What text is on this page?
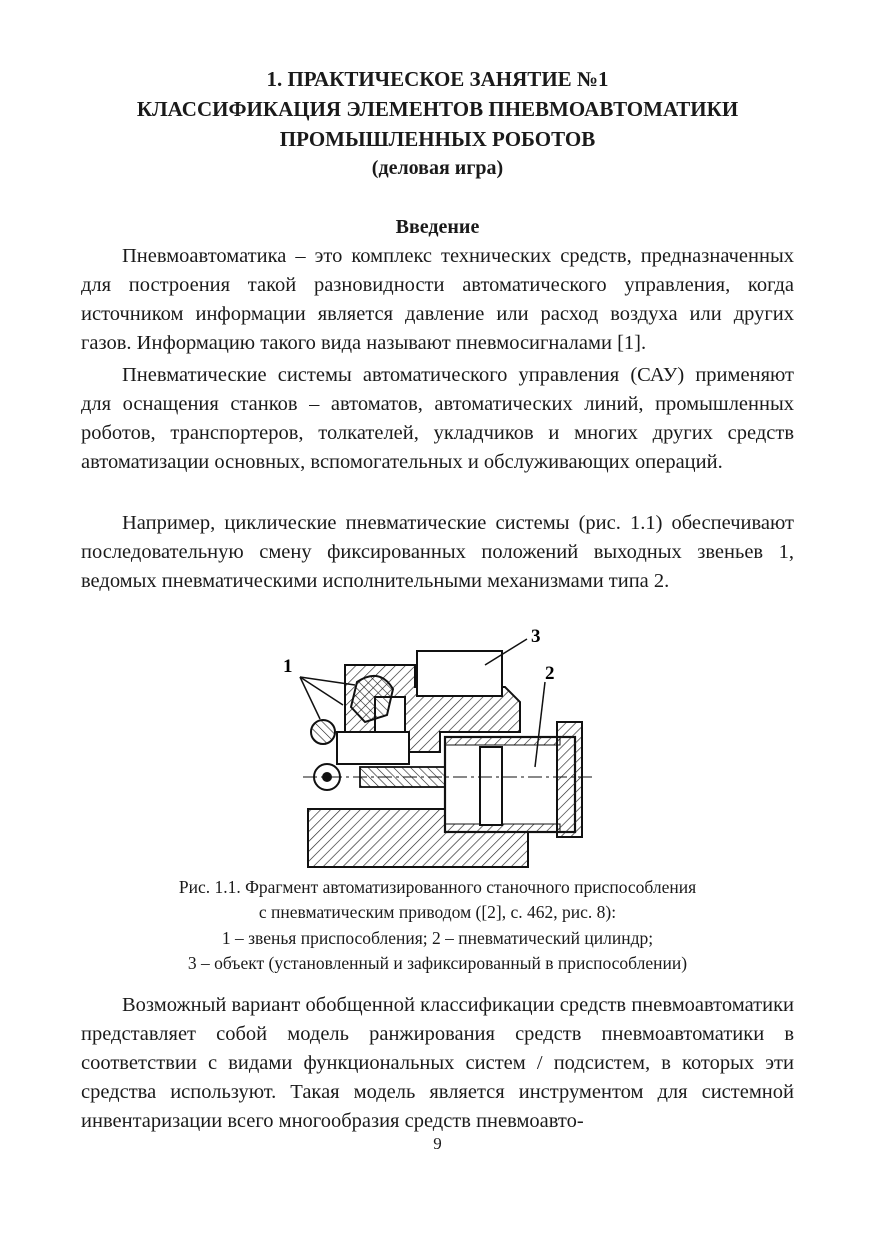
1. ПРАКТИЧЕСКОЕ ЗАНЯТИЕ №1
КЛАССИФИКАЦИЯ ЭЛЕМЕНТОВ ПНЕВМОАВТОМАТИКИ
ПРОМЫШЛЕННЫХ РОБОТОВ
(деловая игра)
Введение

Пневмоавтоматика – это комплекс технических средств, предназначенных для построения такой разновидности автоматического управления, когда источником информации является давление или расход воздуха или других газов. Информацию такого вида называют пневмосигналами [1].

Пневматические системы автоматического управления (САУ) применяют для оснащения станков – автоматов, автоматических линий, промышленных роботов, транспортеров, толкателей, укладчиков и многих других средств автоматизации основных, вспомогательных и обслуживающих операций.

Например, циклические пневматические системы (рис. 1.1) обеспечивают последовательную смену фиксированных положений выходных звеньев 1, ведомых пневматическими исполнительными механизмами типа 2.

1	2
3

Рис. 1.1. Фрагмент автоматизированного станочного приспособления

с пневматическим приводом ([2], с. 462, рис. 8):

1 – звенья приспособления; 2 – пневматический цилиндр;

3 – объект (установленный и зафиксированный в приспособлении)

Возможный вариант обобщенной классификации средств пневмоавтоматики представляет собой модель ранжирования средств пневмоавтоматики в соответствии с видами функциональных систем / подсистем, в которых эти средства используют. Такая модель является инструментом для системной инвентаризации всего многообразия средств пневмоавто-

9
